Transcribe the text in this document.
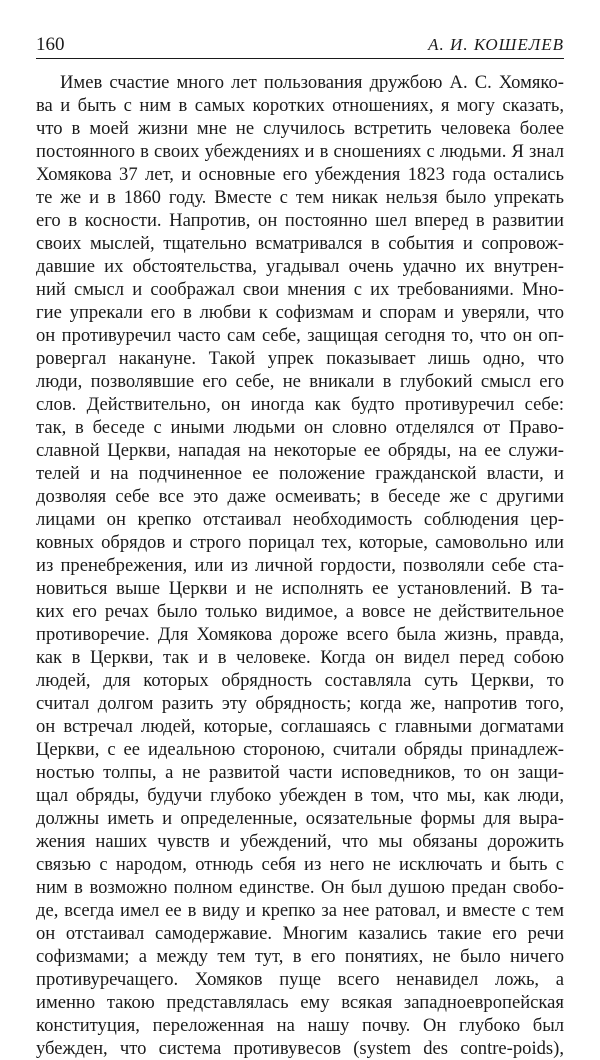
160	А. И. КОШЕЛЕВ
Имев счастие много лет пользования дружбою А. С. Хомяко-
ва и быть с ним в самых коротких отношениях, я могу сказать,
что в моей жизни мне не случилось встретить человека более
постоянного в своих убеждениях и в сношениях с людьми. Я знал
Хомякова 37 лет, и основные его убеждения 1823 года остались
те же и в 1860 году. Вместе с тем никак нельзя было упрекать
его в косности. Напротив, он постоянно шел вперед в развитии
своих мыслей, тщательно всматривался в события и сопровож-
давшие их обстоятельства, угадывал очень удачно их внутрен-
ний смысл и соображал свои мнения с их требованиями. Мно-
гие упрекали его в любви к софизмам и спорам и уверяли, что
он противуречил часто сам себе, защищая сегодня то, что он оп-
ровергал накануне. Такой упрек показывает лишь одно, что
люди, позволявшие его себе, не вникали в глубокий смысл его
слов. Действительно, он иногда как будто противуречил себе:
так, в беседе с иными людьми он словно отделялся от Право-
славной Церкви, нападая на некоторые ее обряды, на ее служи-
телей и на подчиненное ее положение гражданской власти, и
дозволяя себе все это даже осмеивать; в беседе же с другими
лицами он крепко отстаивал необходимость соблюдения цер-
ковных обрядов и строго порицал тех, которые, самовольно или
из пренебрежения, или из личной гордости, позволяли себе ста-
новиться выше Церкви и не исполнять ее установлений. В та-
ких его речах было только видимое, а вовсе не действительное
противоречие. Для Хомякова дороже всего была жизнь, правда,
как в Церкви, так и в человеке. Когда он видел перед собою
людей, для которых обрядность составляла суть Церкви, то
считал долгом разить эту обрядность; когда же, напротив того,
он встречал людей, которые, соглашаясь с главными догматами
Церкви, с ее идеальною стороною, считали обряды принадлеж-
ностью толпы, а не развитой части исповедников, то он защи-
щал обряды, будучи глубоко убежден в том, что мы, как люди,
должны иметь и определенные, осязательные формы для выра-
жения наших чувств и убеждений, что мы обязаны дорожить
связью с народом, отнюдь себя из него не исключать и быть с
ним в возможно полном единстве. Он был душою предан свобо-
де, всегда имел ее в виду и крепко за нее ратовал, и вместе с тем
он отстаивал самодержавие. Многим казались такие его речи
софизмами; а между тем тут, в его понятиях, не было ничего
противуречащего. Хомяков пуще всего ненавидел ложь, а
именно такою представлялась ему всякая западноевропейская
конституция, переложенная на нашу почву. Он глубоко был
убежден, что система противувесов (system des contre-poids),
